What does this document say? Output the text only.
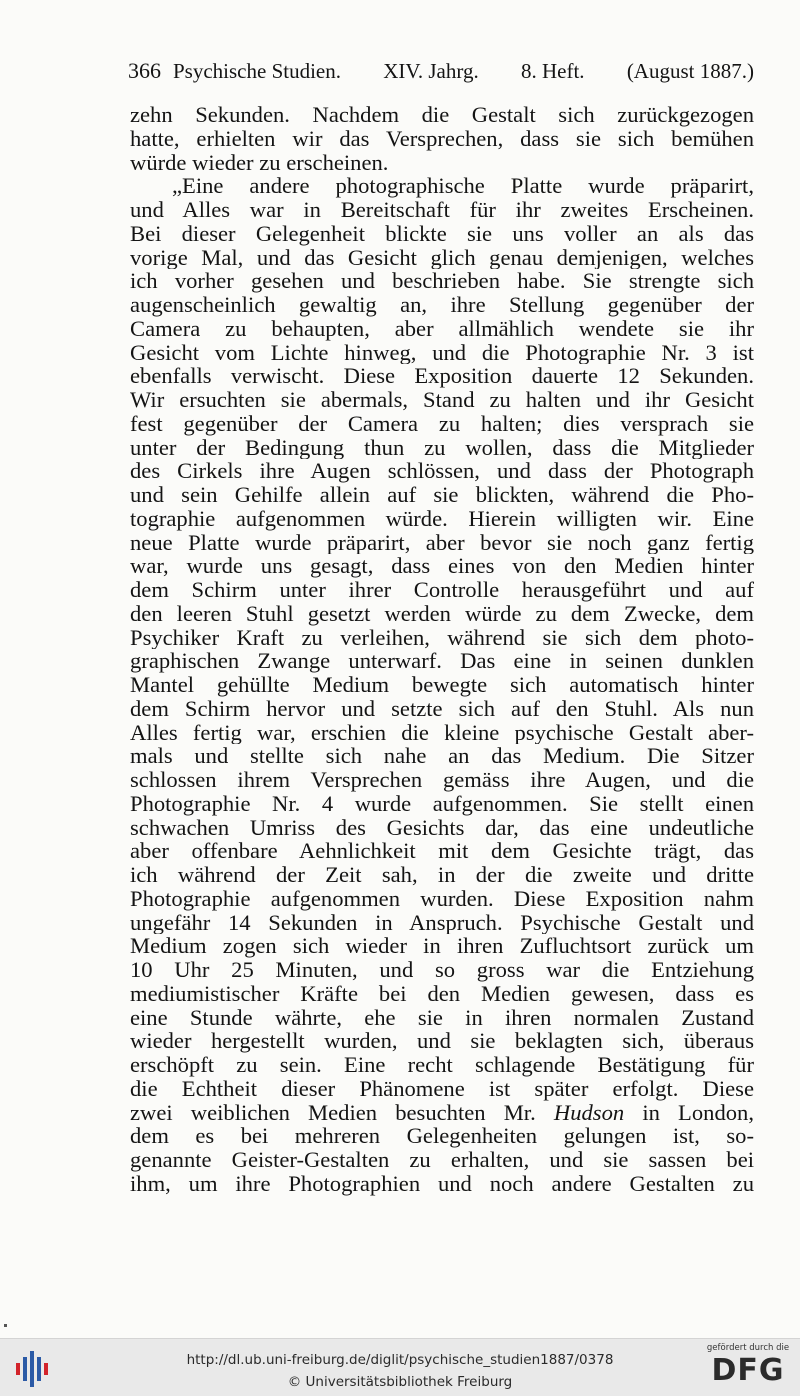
366 Psychische Studien. XIV. Jahrg. 8. Heft. (August 1887.)
zehn Sekunden. Nachdem die Gestalt sich zurückgezogen
hatte, erhielten wir das Versprechen, dass sie sich bemühen
würde wieder zu erscheinen.
„Eine andere photographische Platte wurde präparirt,
und Alles war in Bereitschaft für ihr zweites Erscheinen.
Bei dieser Gelegenheit blickte sie uns voller an als das
vorige Mal, und das Gesicht glich genau demjenigen, welches
ich vorher gesehen und beschrieben habe. Sie strengte sich
augenscheinlich gewaltig an, ihre Stellung gegenüber der
Camera zu behaupten, aber allmählich wendete sie ihr
Gesicht vom Lichte hinweg, und die Photographie Nr. 3 ist
ebenfalls verwischt. Diese Exposition dauerte 12 Sekunden.
Wir ersuchten sie abermals, Stand zu halten und ihr Gesicht
fest gegenüber der Camera zu halten; dies versprach sie
unter der Bedingung thun zu wollen, dass die Mitglieder
des Cirkels ihre Augen schlössen, und dass der Photograph
und sein Gehilfe allein auf sie blickten, während die Pho-
tographie aufgenommen würde. Hierein willigten wir. Eine
neue Platte wurde präparirt, aber bevor sie noch ganz fertig
war, wurde uns gesagt, dass eines von den Medien hinter
dem Schirm unter ihrer Controlle herausgeführt und auf
den leeren Stuhl gesetzt werden würde zu dem Zwecke, dem
Psychiker Kraft zu verleihen, während sie sich dem photo-
graphischen Zwange unterwarf. Das eine in seinen dunklen
Mantel gehüllte Medium bewegte sich automatisch hinter
dem Schirm hervor und setzte sich auf den Stuhl. Als nun
Alles fertig war, erschien die kleine psychische Gestalt aber-
mals und stellte sich nahe an das Medium. Die Sitzer
schlossen ihrem Versprechen gemäss ihre Augen, und die
Photographie Nr. 4 wurde aufgenommen. Sie stellt einen
schwachen Umriss des Gesichts dar, das eine undeutliche
aber offenbare Aehnlichkeit mit dem Gesichte trägt, das
ich während der Zeit sah, in der die zweite und dritte
Photographie aufgenommen wurden. Diese Exposition nahm
ungefähr 14 Sekunden in Anspruch. Psychische Gestalt und
Medium zogen sich wieder in ihren Zufluchtsort zurück um
10 Uhr 25 Minuten, und so gross war die Entziehung
mediumistischer Kräfte bei den Medien gewesen, dass es
eine Stunde währte, ehe sie in ihren normalen Zustand
wieder hergestellt wurden, und sie beklagten sich, überaus
erschöpft zu sein. Eine recht schlagende Bestätigung für
die Echtheit dieser Phänomene ist später erfolgt. Diese
zwei weiblichen Medien besuchten Mr. Hudson in London,
dem es bei mehreren Gelegenheiten gelungen ist, so-
genannte Geister-Gestalten zu erhalten, und sie sassen bei
ihm, um ihre Photographien und noch andere Gestalten zu
http://dl.ub.uni-freiburg.de/diglit/psychische_studien1887/0378
© Universitätsbibliothek Freiburg
gefördert durch die
DFG
